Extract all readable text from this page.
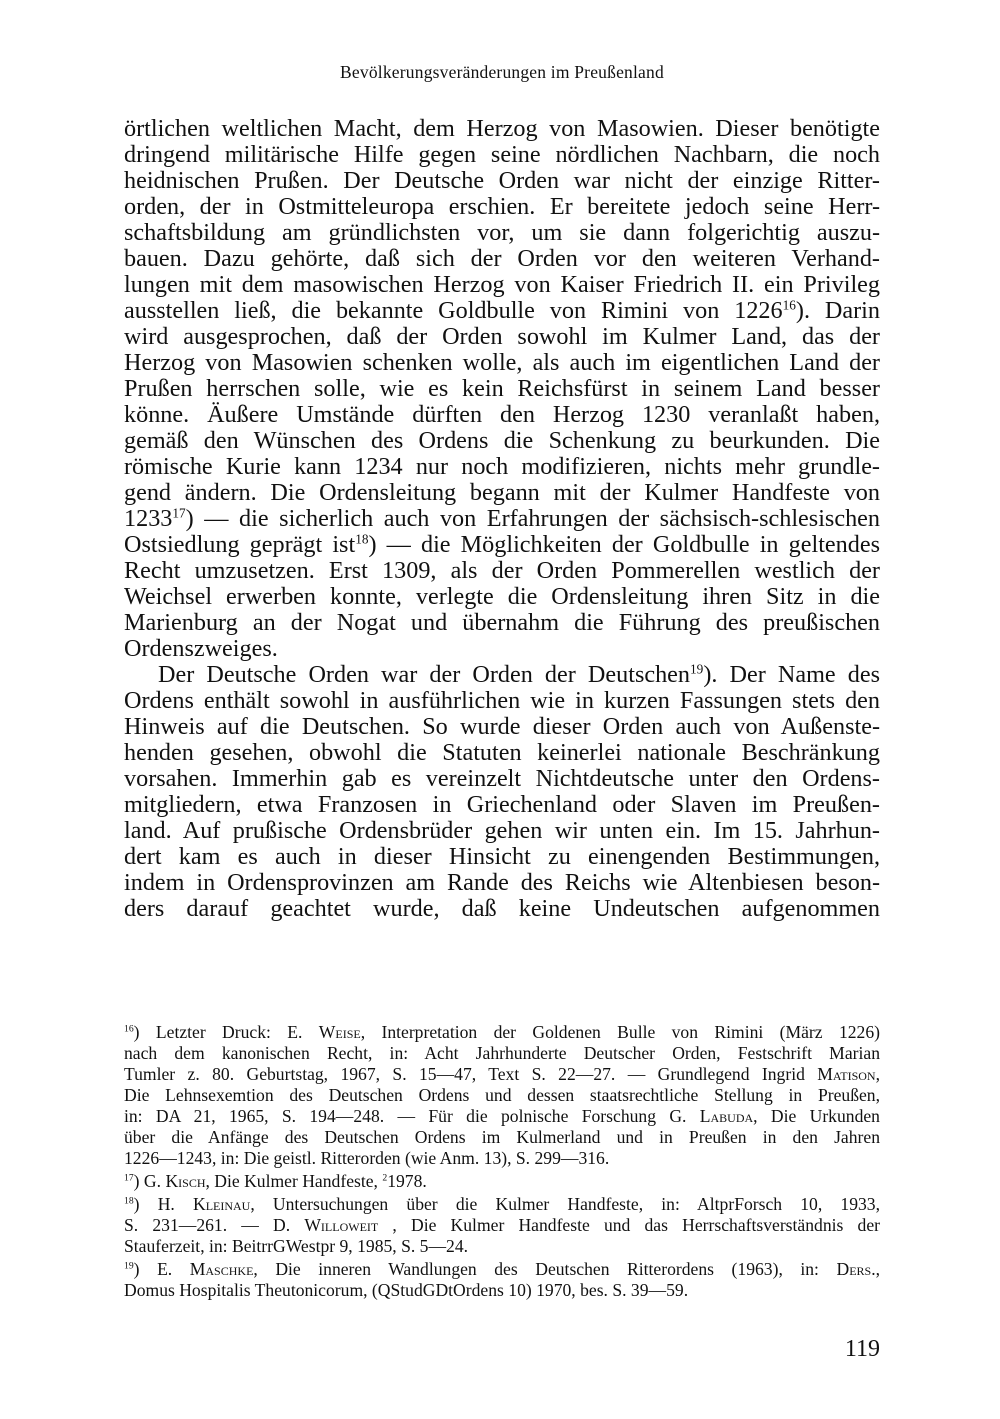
Bevölkerungsveränderungen im Preußenland
örtlichen weltlichen Macht, dem Herzog von Masowien. Dieser benötigte
dringend militärische Hilfe gegen seine nördlichen Nachbarn, die noch
heidnischen Prußen. Der Deutsche Orden war nicht der einzige Ritter-
orden, der in Ostmitteleuropa erschien. Er bereitete jedoch seine Herr-
schaftsbildung am gründlichsten vor, um sie dann folgerichtig auszu-
bauen. Dazu gehörte, daß sich der Orden vor den weiteren Verhand-
lungen mit dem masowischen Herzog von Kaiser Friedrich II. ein Privileg
ausstellen ließ, die bekannte Goldbulle von Rimini von 1226$^{16}$). Darin
wird ausgesprochen, daß der Orden sowohl im Kulmer Land, das der
Herzog von Masowien schenken wolle, als auch im eigentlichen Land der
Prußen herrschen solle, wie es kein Reichsfürst in seinem Land besser
könne. Äußere Umstände dürften den Herzog 1230 veranlaßt haben,
gemäß den Wünschen des Ordens die Schenkung zu beurkunden. Die
römische Kurie kann 1234 nur noch modifizieren, nichts mehr grundle-
gend ändern. Die Ordensleitung begann mit der Kulmer Handfeste von
1233$^{17}$) — die sicherlich auch von Erfahrungen der sächsisch-schlesischen
Ostsiedlung geprägt ist$^{18}$) — die Möglichkeiten der Goldbulle in geltendes
Recht umzusetzen. Erst 1309, als der Orden Pommerellen westlich der
Weichsel erwerben konnte, verlegte die Ordensleitung ihren Sitz in die
Marienburg an der Nogat und übernahm die Führung des preußischen
Ordenszweiges.
Der Deutsche Orden war der Orden der Deutschen$^{19}$). Der Name des
Ordens enthält sowohl in ausführlichen wie in kurzen Fassungen stets den
Hinweis auf die Deutschen. So wurde dieser Orden auch von Außenste-
henden gesehen, obwohl die Statuten keinerlei nationale Beschränkung
vorsahen. Immerhin gab es vereinzelt Nichtdeutsche unter den Ordens-
mitgliedern, etwa Franzosen in Griechenland oder Slaven im Preußen-
land. Auf prußische Ordensbrüder gehen wir unten ein. Im 15. Jahrhun-
dert kam es auch in dieser Hinsicht zu einengenden Bestimmungen,
indem in Ordensprovinzen am Rande des Reichs wie Altenbiesen beson-
ders darauf geachtet wurde, daß keine Undeutschen aufgenommen
$^{16}$) Letzter Druck: E. Weise, Interpretation der Goldenen Bulle von Rimini (März 1226)
nach dem kanonischen Recht, in: Acht Jahrhunderte Deutscher Orden, Festschrift Marian
Tumler z. 80. Geburtstag, 1967, S. 15—47, Text S. 22—27. — Grundlegend Ingrid Matison,
Die Lehnsexemtion des Deutschen Ordens und dessen staatsrechtliche Stellung in Preußen,
in: DA 21, 1965, S. 194—248. — Für die polnische Forschung G. Labuda, Die Urkunden
über die Anfänge des Deutschen Ordens im Kulmerland und in Preußen in den Jahren
1226—1243, in: Die geistl. Ritterorden (wie Anm. 13), S. 299—316.
$^{17}$) G. Kisch, Die Kulmer Handfeste, $^2$1978.
$^{18}$) H. Kleinau, Untersuchungen über die Kulmer Handfeste, in: AltprForsch 10, 1933,
S. 231—261. — D. Willoweit , Die Kulmer Handfeste und das Herrschaftsverständnis der
Stauferzeit, in: BeitrrGWestpr 9, 1985, S. 5—24.
$^{19}$) E. Maschke, Die inneren Wandlungen des Deutschen Ritterordens (1963), in: Ders.,
Domus Hospitalis Theutonicorum, (QStudGDtOrdens 10) 1970, bes. S. 39—59.
119
